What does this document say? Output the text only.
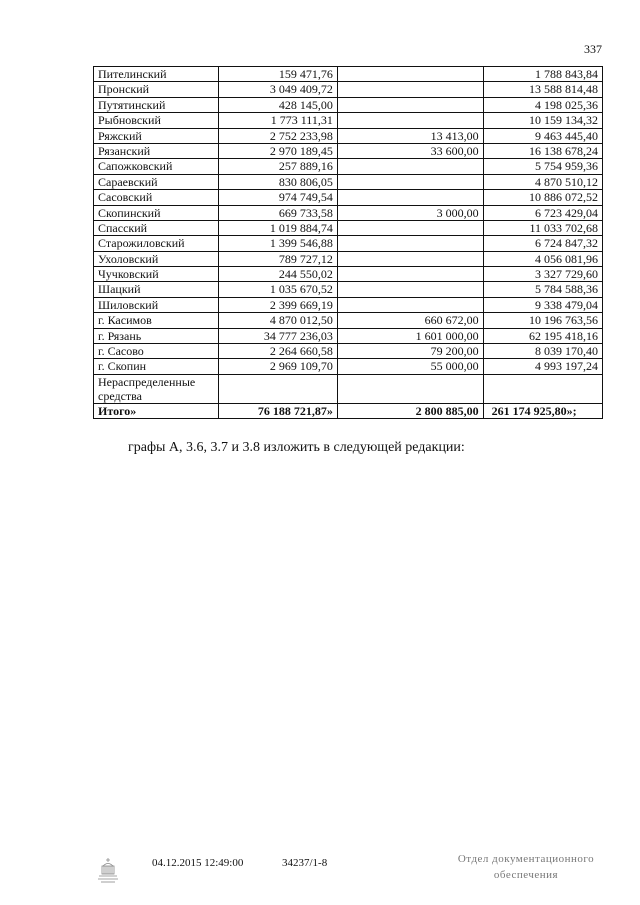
337
Пителинский	159 471,76		1 788 843,84
Пронский	3 049 409,72		13 588 814,48
Путятинский	428 145,00		4 198 025,36
Рыбновский	1 773 111,31		10 159 134,32
Ряжский	2 752 233,98	13 413,00	9 463 445,40
Рязанский	2 970 189,45	33 600,00	16 138 678,24
Сапожковский	257 889,16		5 754 959,36
Сараевский	830 806,05		4 870 510,12
Сасовский	974 749,54		10 886 072,52
Скопинский	669 733,58	3 000,00	6 723 429,04
Спасский	1 019 884,74		11 033 702,68
Старожиловский	1 399 546,88		6 724 847,32
Ухоловский	789 727,12		4 056 081,96
Чучковский	244 550,02		3 327 729,60
Шацкий	1 035 670,52		5 784 588,36
Шиловский	2 399 669,19		9 338 479,04
г. Касимов	4 870 012,50	660 672,00	10 196 763,56
г. Рязань	34 777 236,03	1 601 000,00	62 195 418,16
г. Сасово	2 264 660,58	79 200,00	8 039 170,40
г. Скопин	2 969 109,70	55 000,00	4 993 197,24
Нераспределенные средства			
Итого»	76 188 721,87»	2 800 885,00	261 174 925,80»;
графы А, 3.6, 3.7 и 3.8 изложить в следующей редакции:
04.12.2015 12:49:00	34237/1-8	Отдел документационного
обеспечения
